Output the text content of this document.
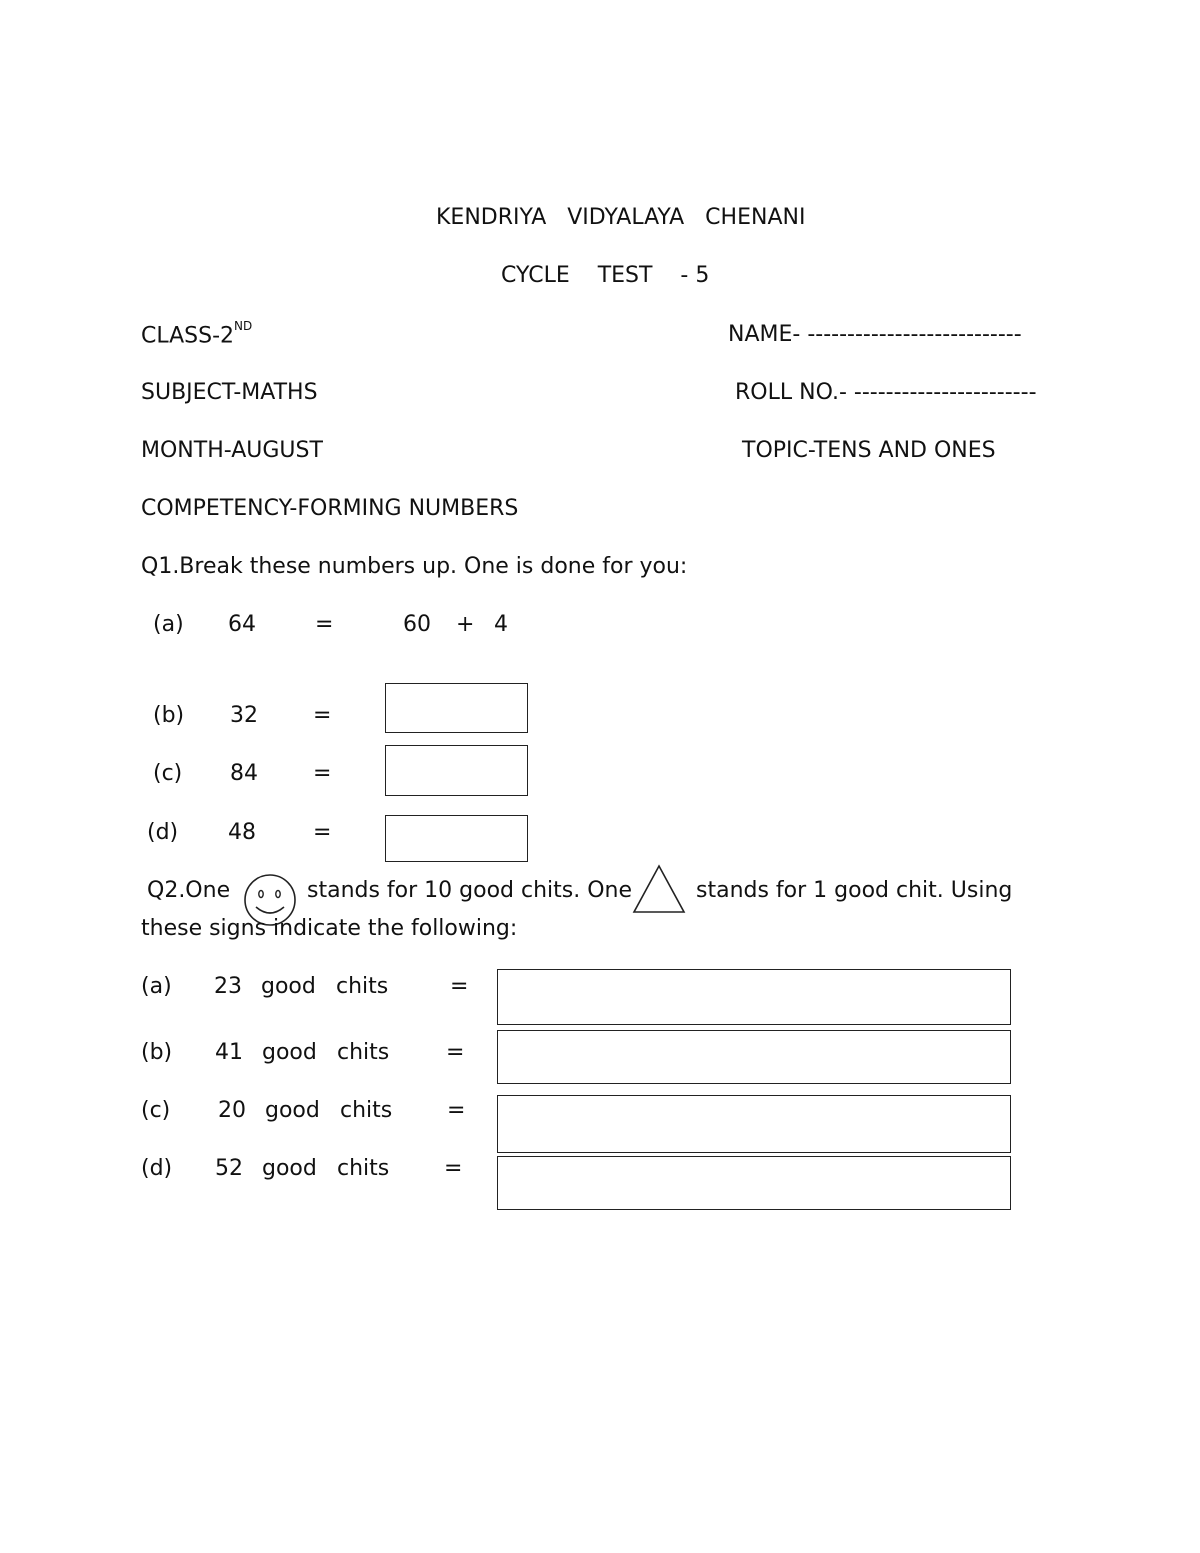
KENDRIYA   VIDYALAYA   CHENANI
CYCLE    TEST    - 5
CLASS-2ND	NAME- ---------------------------
SUBJECT-MATHS	ROLL NO.- -----------------------
MONTH-AUGUST	TOPIC-TENS AND ONES
COMPETENCY-FORMING NUMBERS
Q1.Break these numbers up. One is done for you:
(a) 64	=	60 + 4
(b) 32	=
(c) 84	=
(d) 48	=
Q2.One	stands for 10 good chits. One	stands for 1 good chit. Using
these signs indicate the following:
(a) 23 good chits	=
(b) 41 good chits	=
(c) 20 good chits =
(d) 52 good chits =
